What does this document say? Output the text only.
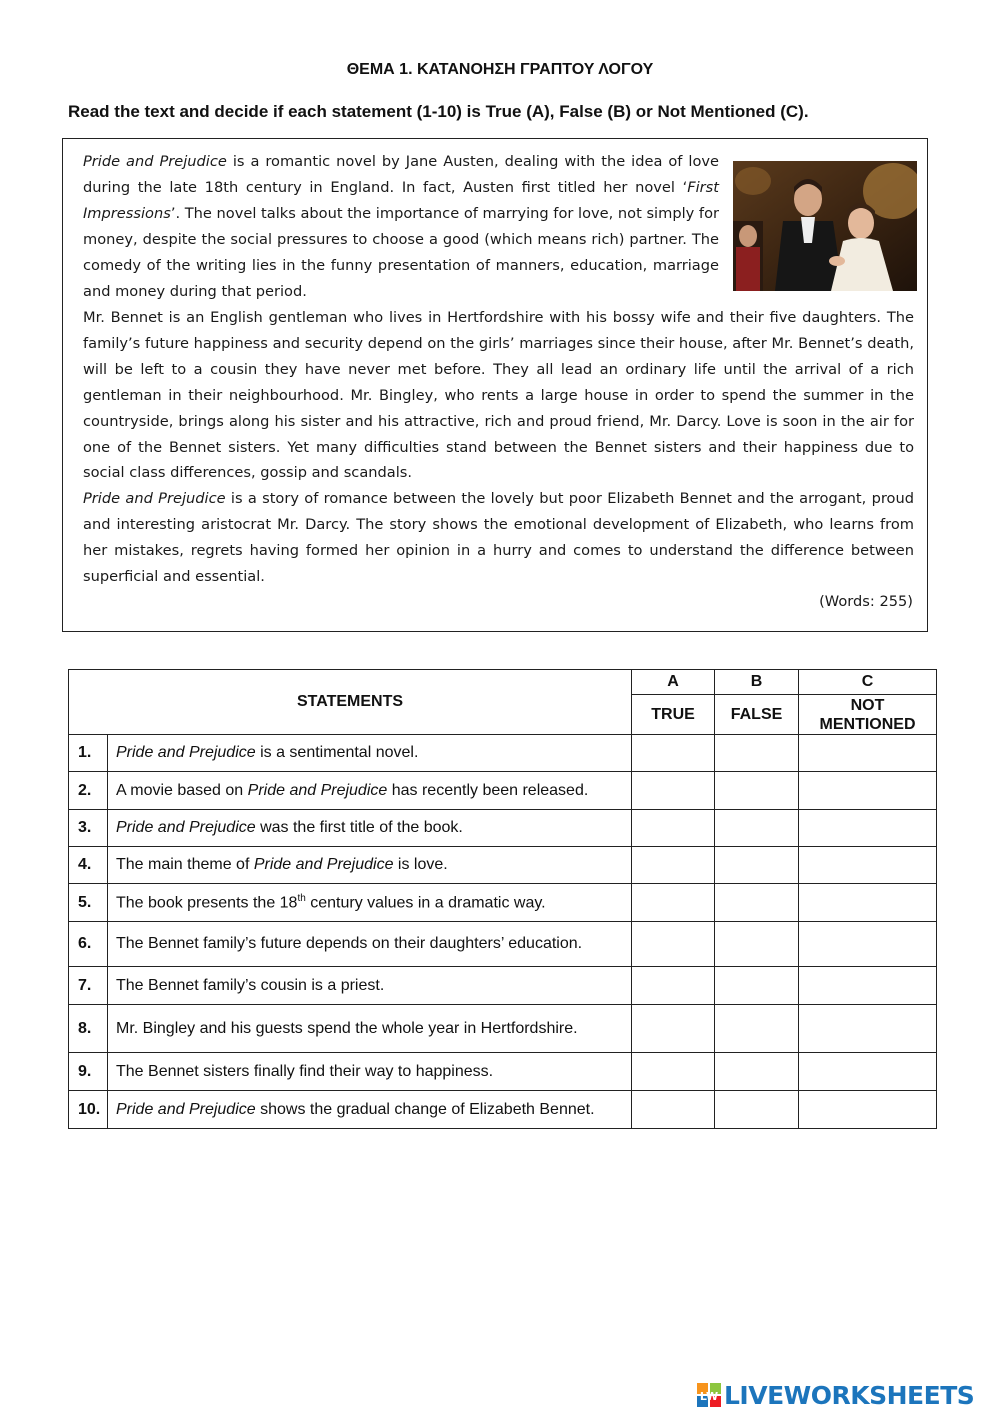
ΘΕΜΑ 1. ΚΑΤΑΝΟΗΣΗ ΓΡΑΠΤΟΥ ΛΟΓΟΥ
Read the text and decide if each statement (1-10) is True (A), False (B) or Not Mentioned (C).
Pride and Prejudice is a romantic novel by Jane Austen, dealing with the idea of love during the late 18th century in England. In fact, Austen first titled her novel ‘First Impressions’. The novel talks about the importance of marrying for love, not simply for money, despite the social pressures to choose a good (which means rich) partner. The comedy of the writing lies in the funny presentation of manners, education, marriage and money during that period.
Mr. Bennet is an English gentleman who lives in Hertfordshire with his bossy wife and their five daughters. The family’s future happiness and security depend on the girls’ marriages since their house, after Mr. Bennet’s death, will be left to a cousin they have never met before. They all lead an ordinary life until the arrival of a rich gentleman in their neighbourhood. Mr. Bingley, who rents a large house in order to spend the summer in the countryside, brings along his sister and his attractive, rich and proud friend, Mr. Darcy. Love is soon in the air for one of the Bennet sisters. Yet many difficulties stand between the Bennet sisters and their happiness due to social class differences, gossip and scandals.
Pride and Prejudice is a story of romance between the lovely but poor Elizabeth Bennet and the arrogant, proud and interesting aristocrat Mr. Darcy. The story shows the emotional development of Elizabeth, who learns from her mistakes, regrets having formed her opinion in a hurry and comes to understand the difference between superficial and essential.
(Words: 255)
STATEMENTS		A	B	C
		TRUE	FALSE	NOT
MENTIONED
1.	Pride and Prejudice is a sentimental novel.			
2.	A movie based on Pride and Prejudice has recently been released.			
3.	Pride and Prejudice was the first title of the book.			
4.	The main theme of Pride and Prejudice is love.			
5.	The book presents the 18th century values in a dramatic way.			
6.	The Bennet family’s future depends on their daughters’ education.			
7.	The Bennet family’s cousin is a priest.			
8.	Mr. Bingley and his guests spend the whole year in Hertfordshire.			
9.	The Bennet sisters finally find their way to happiness.			
10.	Pride and Prejudice shows the gradual change of Elizabeth Bennet.			
LW LIVEWORKSHEETS
